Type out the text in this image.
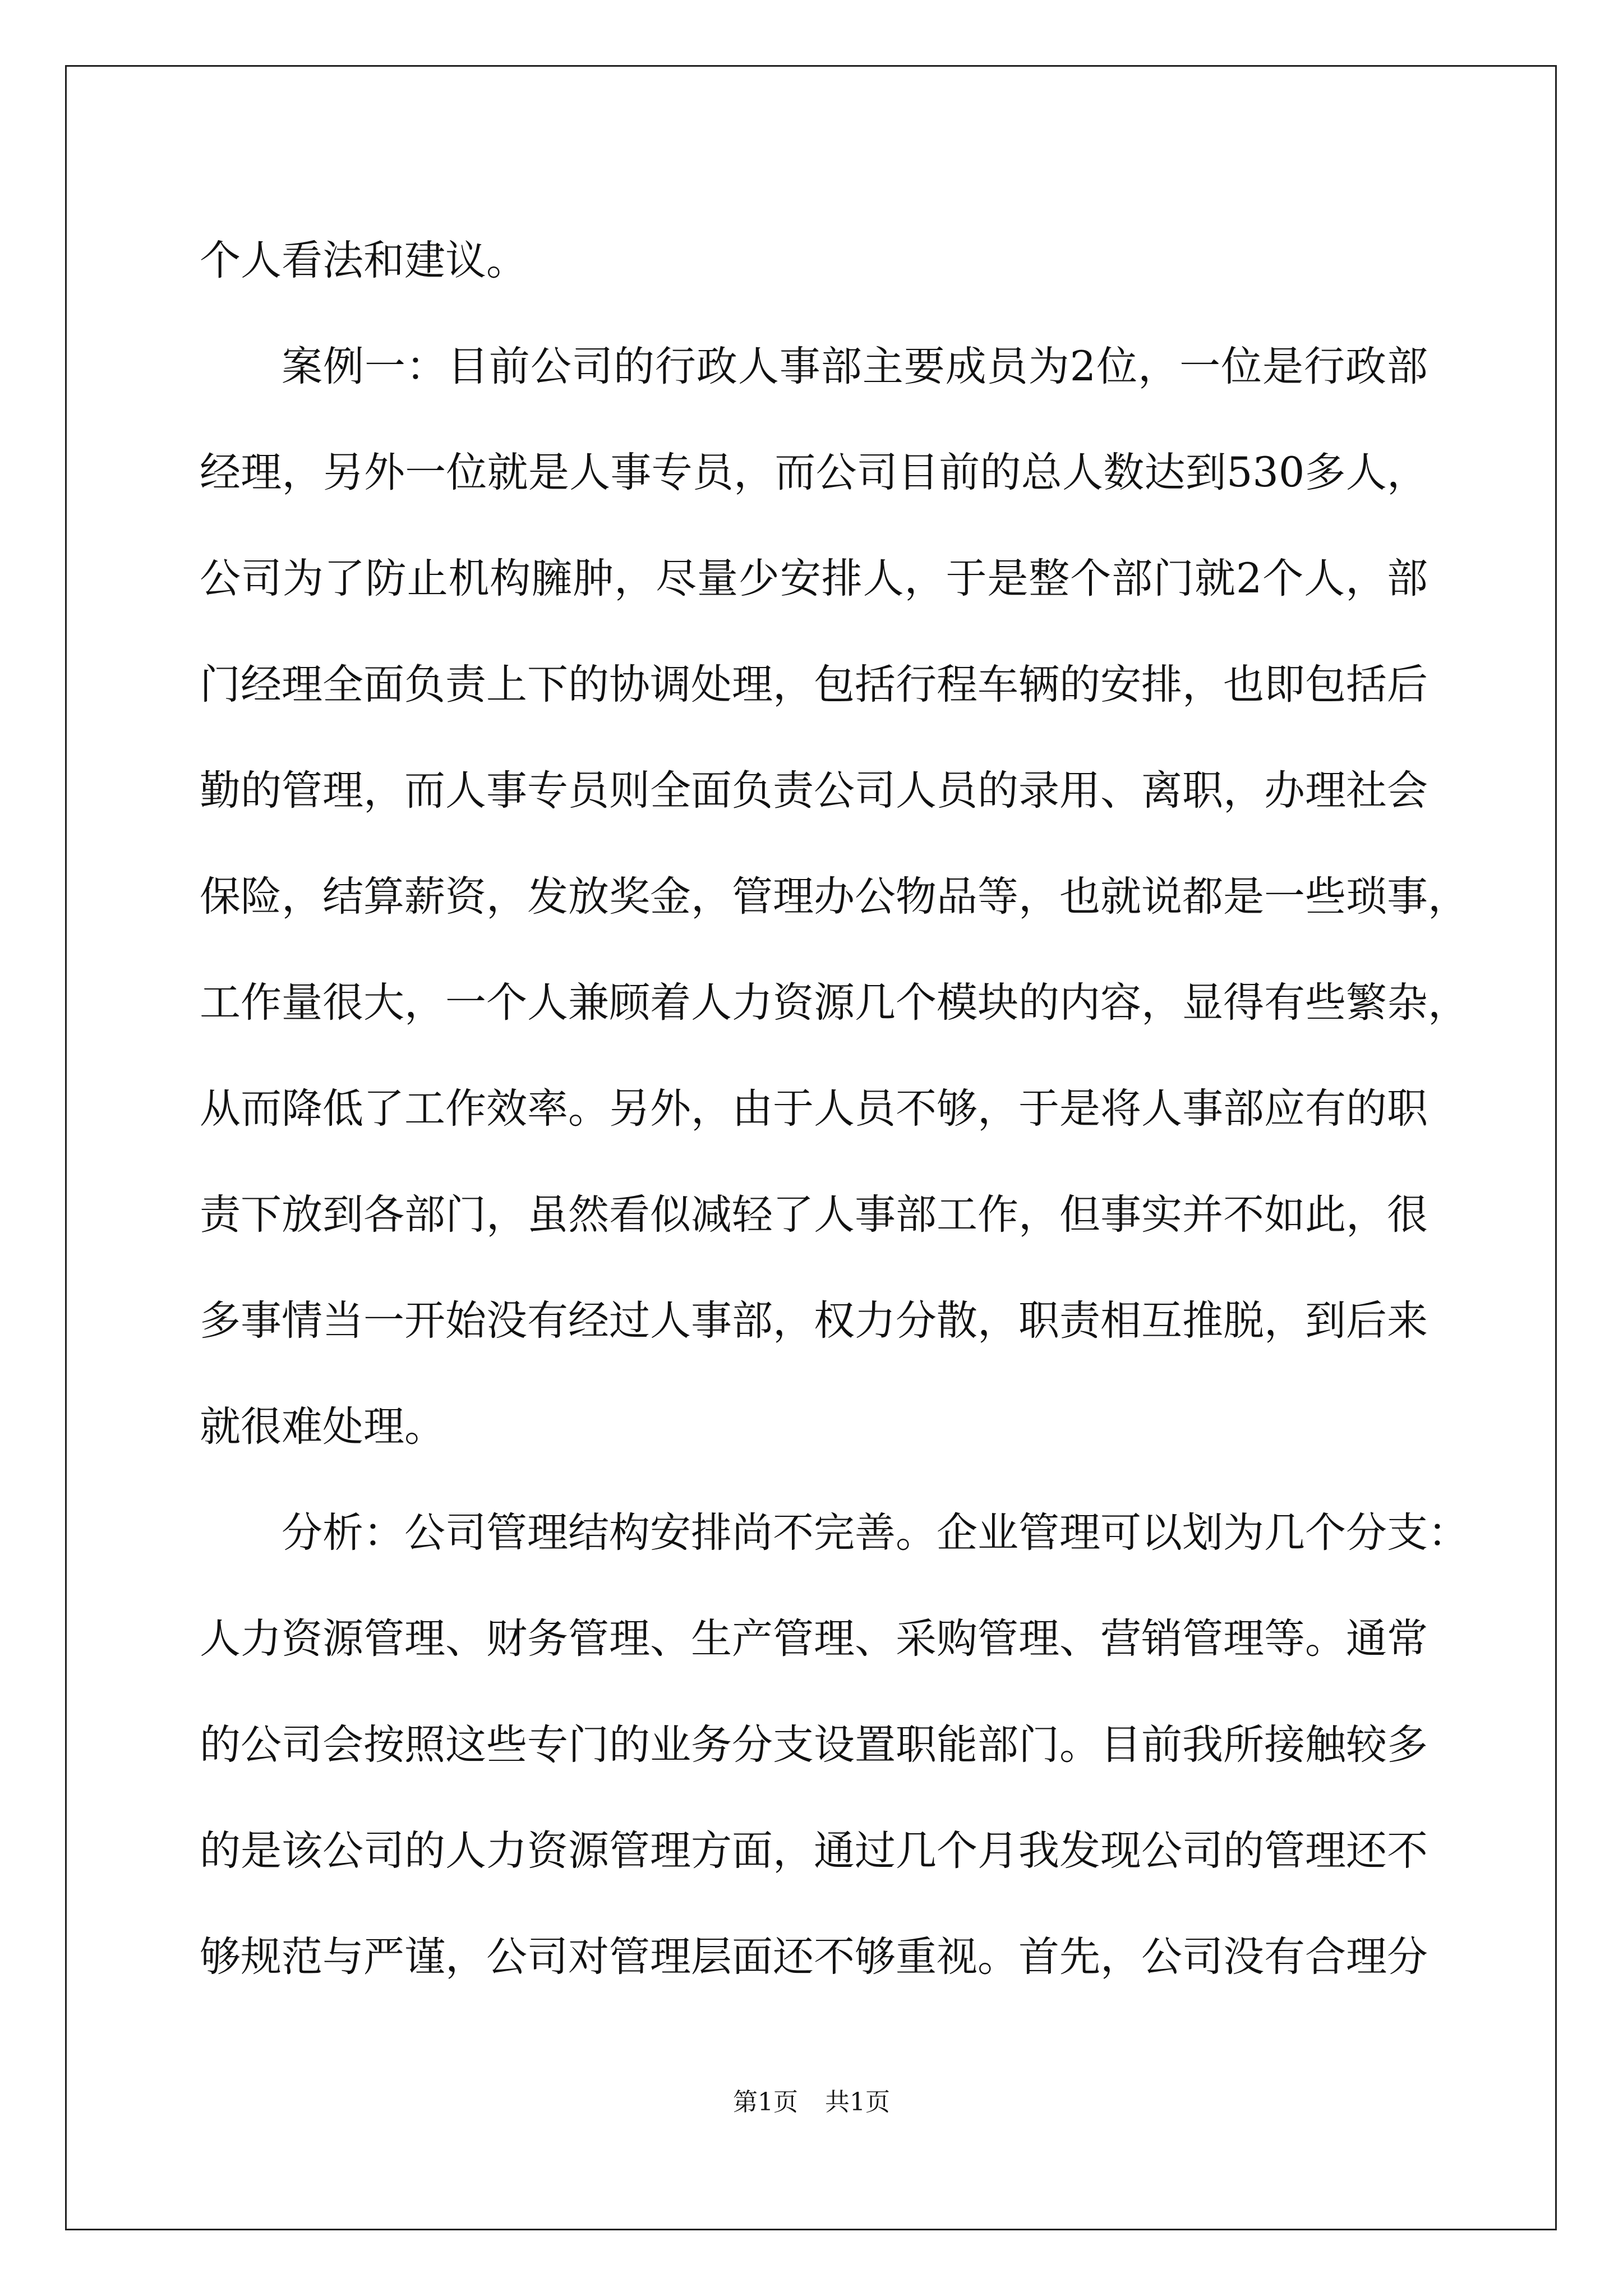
个人看法和建议。
案例一：目前公司的行政人事部主要成员为2位，一位是行政部
经理，另外一位就是人事专员，而公司目前的总人数达到530多人，
公司为了防止机构臃肿，尽量少安排人，于是整个部门就2个人，部
门经理全面负责上下的协调处理，包括行程车辆的安排，也即包括后
勤的管理，而人事专员则全面负责公司人员的录用、离职，办理社会
保险，结算薪资，发放奖金，管理办公物品等，也就说都是一些琐事，
工作量很大，一个人兼顾着人力资源几个模块的内容，显得有些繁杂，
从而降低了工作效率。另外，由于人员不够，于是将人事部应有的职
责下放到各部门，虽然看似减轻了人事部工作，但事实并不如此，很
多事情当一开始没有经过人事部，权力分散，职责相互推脱，到后来
就很难处理。
分析：公司管理结构安排尚不完善。企业管理可以划为几个分支：
人力资源管理、财务管理、生产管理、采购管理、营销管理等。通常
的公司会按照这些专门的业务分支设置职能部门。目前我所接触较多
的是该公司的人力资源管理方面，通过几个月我发现公司的管理还不
够规范与严谨，公司对管理层面还不够重视。首先，公司没有合理分
第1页 共1页
